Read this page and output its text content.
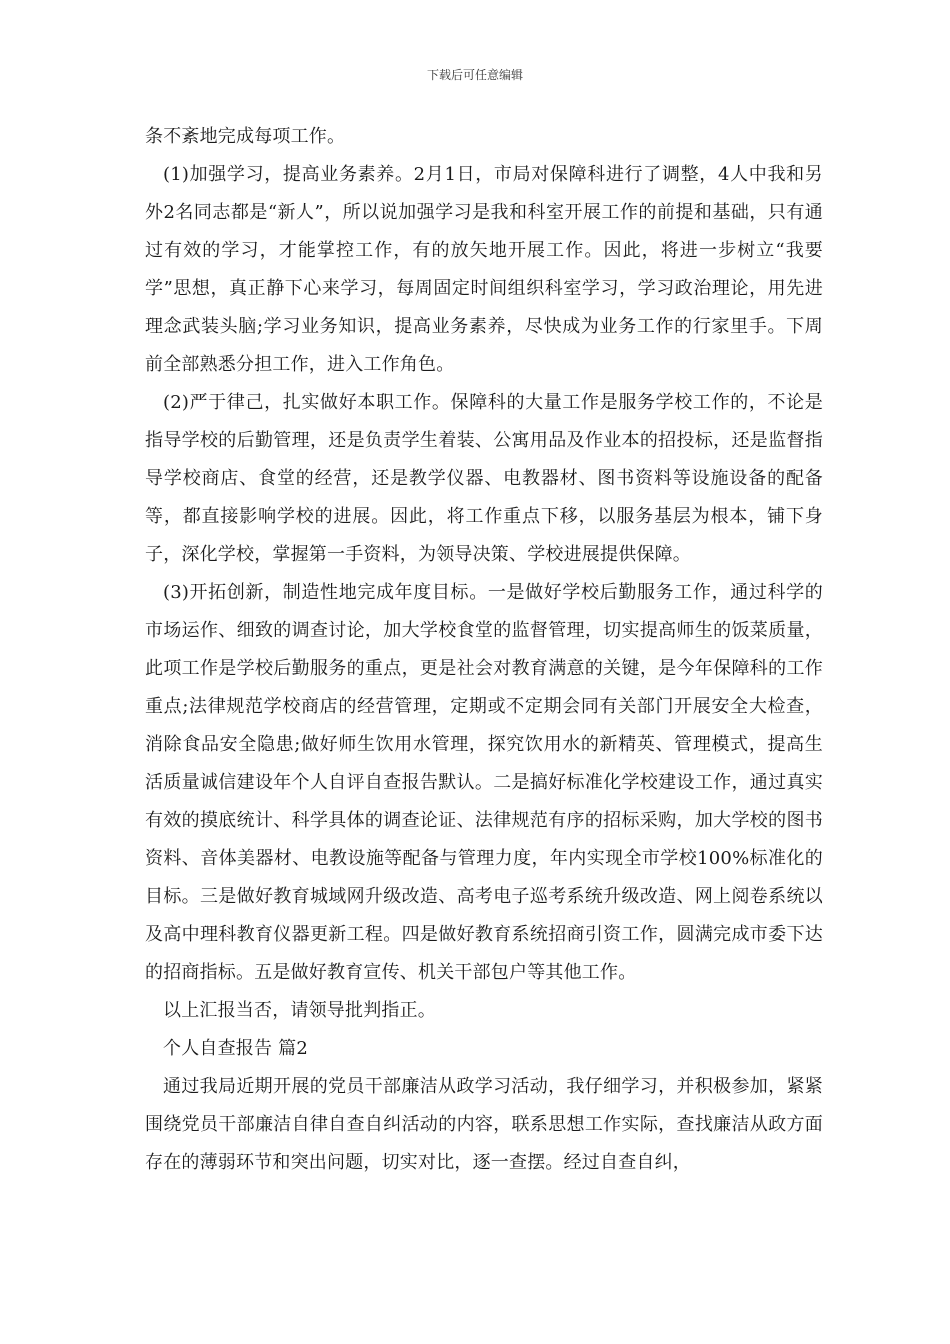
下载后可任意编辑

条不紊地完成每项工作。

(1)加强学习，提高业务素养。2月1日，市局对保障科进行了调整，4人中我和另外2名同志都是“新人”，所以说加强学习是我和科室开展工作的前提和基础，只有通过有效的学习，才能掌控工作，有的放矢地开展工作。因此，将进一步树立“我要学”思想，真正静下心来学习，每周固定时间组织科室学习，学习政治理论，用先进理念武装头脑;学习业务知识，提高业务素养，尽快成为业务工作的行家里手。下周前全部熟悉分担工作，进入工作角色。

(2)严于律己，扎实做好本职工作。保障科的大量工作是服务学校工作的，不论是指导学校的后勤管理，还是负责学生着装、公寓用品及作业本的招投标，还是监督指导学校商店、食堂的经营，还是教学仪器、电教器材、图书资料等设施设备的配备等，都直接影响学校的进展。因此，将工作重点下移，以服务基层为根本，铺下身子，深化学校，掌握第一手资料，为领导决策、学校进展提供保障。

(3)开拓创新，制造性地完成年度目标。一是做好学校后勤服务工作，通过科学的市场运作、细致的调查讨论，加大学校食堂的监督管理，切实提高师生的饭菜质量，此项工作是学校后勤服务的重点，更是社会对教育满意的关键，是今年保障科的工作重点;法律规范学校商店的经营管理，定期或不定期会同有关部门开展安全大检查，消除食品安全隐患;做好师生饮用水管理，探究饮用水的新精英、管理模式，提高生活质量诚信建设年个人自评自查报告默认。二是搞好标准化学校建设工作，通过真实有效的摸底统计、科学具体的调查论证、法律规范有序的招标采购，加大学校的图书资料、音体美器材、电教设施等配备与管理力度，年内实现全市学校100%标准化的目标。三是做好教育城域网升级改造、高考电子巡考系统升级改造、网上阅卷系统以及高中理科教育仪器更新工程。四是做好教育系统招商引资工作，圆满完成市委下达的招商指标。五是做好教育宣传、机关干部包户等其他工作。

以上汇报当否，请领导批判指正。

个人自查报告 篇2

通过我局近期开展的党员干部廉洁从政学习活动，我仔细学习，并积极参加，紧紧围绕党员干部廉洁自律自查自纠活动的内容，联系思想工作实际，查找廉洁从政方面存在的薄弱环节和突出问题，切实对比，逐一查摆。经过自查自纠，
